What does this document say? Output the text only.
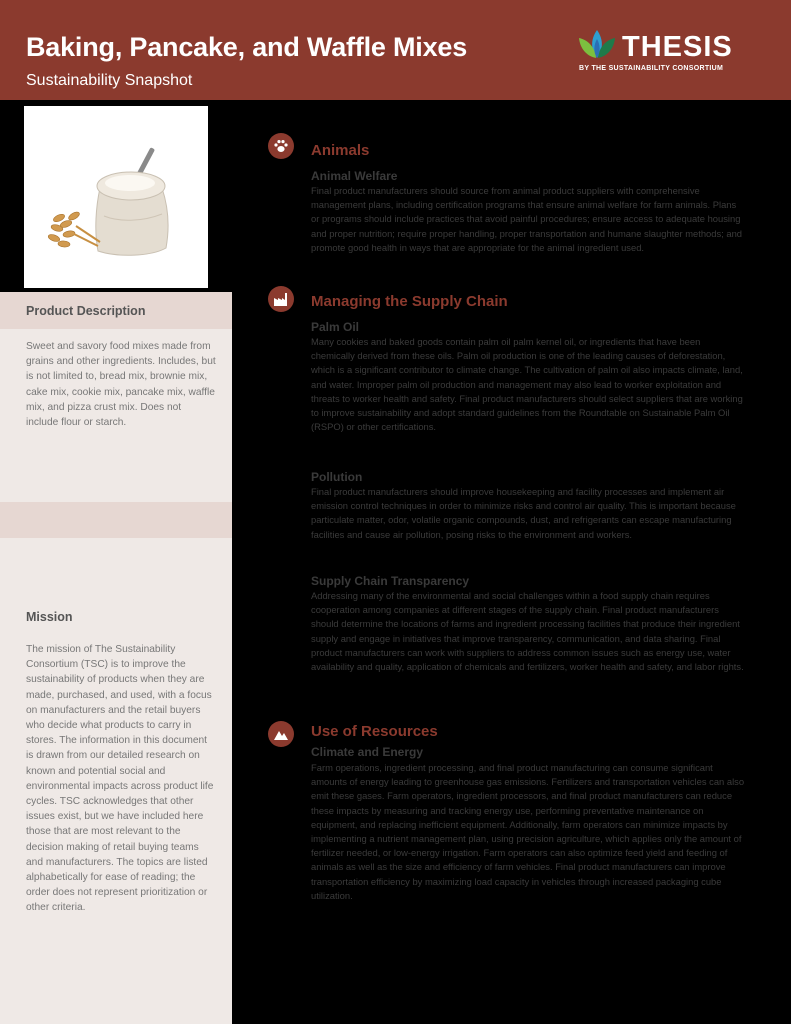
Baking, Pancake, and Waffle Mixes
Sustainability Snapshot
THESIS
BY THE SUSTAINABILITY CONSORTIUM
Product Description
Sweet and savory food mixes made from grains and other ingredients. Includes, but is not limited to, bread mix, brownie mix, cake mix, cookie mix, pancake mix, waffle mix, and pizza crust mix. Does not include flour or starch.
Mission
The mission of The Sustainability Consortium (TSC) is to improve the sustainability of products when they are made, purchased, and used, with a focus on manufacturers and the retail buyers who decide what products to carry in stores. The information in this document is drawn from our detailed research on known and potential social and environmental impacts across product life cycles. TSC acknowledges that other issues exist, but we have included here those that are most relevant to the decision making of retail buying teams and manufacturers. The topics are listed alphabetically for ease of reading; the order does not represent prioritization or other criteria.
Animals
Animal Welfare
Final product manufacturers should source from animal product suppliers with comprehensive management plans, including certification programs that ensure animal welfare for farm animals. Plans or programs should include practices that avoid painful procedures; ensure access to adequate housing and proper nutrition; require proper handling, proper transportation and humane slaughter methods; and promote good health in ways that are appropriate for the animal ingredient used.
Managing the Supply Chain
Palm Oil
Many cookies and baked goods contain palm oil palm kernel oil, or ingredients that have been chemically derived from these oils. Palm oil production is one of the leading causes of deforestation, which is a significant contributor to climate change. The cultivation of palm oil also impacts climate, land, and water. Improper palm oil production and management may also lead to worker exploitation and threats to worker health and safety. Final product manufacturers should select suppliers that are working to improve sustainability and adopt standard guidelines from the Roundtable on Sustainable Palm Oil (RSPO) or other certifications.
Pollution
Final product manufacturers should improve housekeeping and facility processes and implement air emission control techniques in order to minimize risks and control air quality. This is important because particulate matter, odor, volatile organic compounds, dust, and refrigerants can escape manufacturing facilities and cause air pollution, posing risks to the environment and workers.
Supply Chain Transparency
Addressing many of the environmental and social challenges within a food supply chain requires cooperation among companies at different stages of the supply chain. Final product manufacturers should determine the locations of farms and ingredient processing facilities that produce their ingredient supply and engage in initiatives that improve transparency, communication, and data sharing. Final product manufacturers can work with suppliers to address common issues such as energy use, water availability and quality, application of chemicals and fertilizers, worker health and safety, and labor rights.
Use of Resources
Climate and Energy
Farm operations, ingredient processing, and final product manufacturing can consume significant amounts of energy leading to greenhouse gas emissions. Fertilizers and transportation vehicles can also emit these gases. Farm operators, ingredient processors, and final product manufacturers can reduce these impacts by measuring and tracking energy use, performing preventative maintenance on equipment, and replacing inefficient equipment. Additionally, farm operators can minimize impacts by implementing a nutrient management plan, using precision agriculture, which applies only the amount of fertilizer needed, or low-energy irrigation. Farm operators can also optimize feed yield and feeding of animals as well as the size and efficiency of farm vehicles. Final product manufacturers can improve transportation efficiency by maximizing load capacity in vehicles through increased packaging cube utilization.
